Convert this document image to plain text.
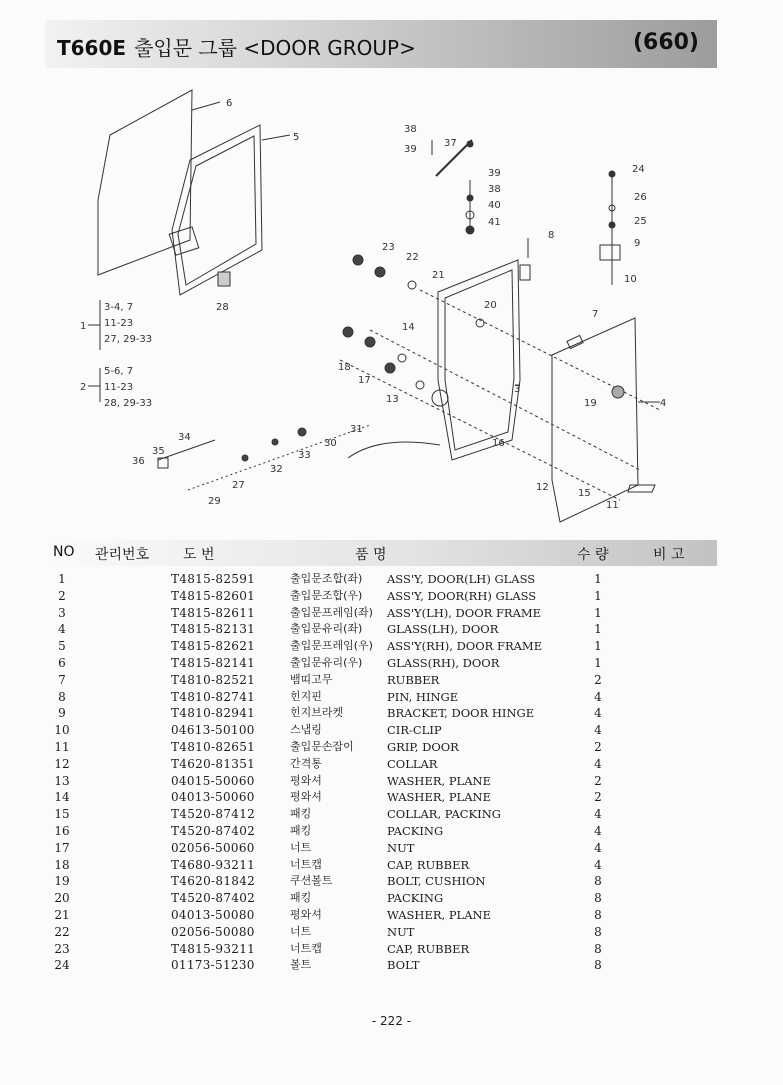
T660E 출입문 그룹 <DOOR GROUP>	(660)
6
5
28
38
39
37
39
38
40
41
8
24
26
25
9
10
23
22
21
20
7
14
18
17
13
3
19	4
16
12
15
11
31
30
33
32
27
29
34
35
36
1
3-4, 7
11-23
27, 29-33
2
5-6, 7
11-23
28, 29-33
NO 관리번호 도 번	품 명	수 량	비 고
1	T4815-82591	출입문조합(좌) ASS'Y, DOOR(LH) GLASS	1
2	T4815-82601	출입문조합(우) ASS'Y, DOOR(RH) GLASS	1
3	T4815-82611	출입문프레임(좌) ASS'Y(LH), DOOR FRAME	1
4	T4815-82131	출입문유리(좌) GLASS(LH), DOOR	1
5	T4815-82621	출입문프레임(우) ASS'Y(RH), DOOR FRAME	1
6	T4815-82141	출입문유리(우) GLASS(RH), DOOR	1
7	T4810-82521	뱀띠고무	RUBBER	2
8	T4810-82741	힌지핀	PIN, HINGE	4
9	T4810-82941	힌지브라켓	BRACKET, DOOR HINGE	4
10	04613-50100	스냅링	CIR-CLIP	4
11	T4810-82651	출입문손잡이	GRIP, DOOR	2
12	T4620-81351	간격통	COLLAR	4
13	04015-50060	평와셔	WASHER, PLANE	2
14	04013-50060	평와셔	WASHER, PLANE	2
15	T4520-87412	패킹	COLLAR, PACKING	4
16	T4520-87402	패킹	PACKING	4
17	02056-50060	너트	NUT	4
18	T4680-93211	너트캡	CAP, RUBBER	4
19	T4620-81842	쿠션볼트	BOLT, CUSHION	8
20	T4520-87402	패킹	PACKING	8
21	04013-50080	평와셔	WASHER, PLANE	8
22	02056-50080	너트	NUT	8
23	T4815-93211	너트캡	CAP, RUBBER	8
24	01173-51230	볼트	BOLT	8
- 222 -
